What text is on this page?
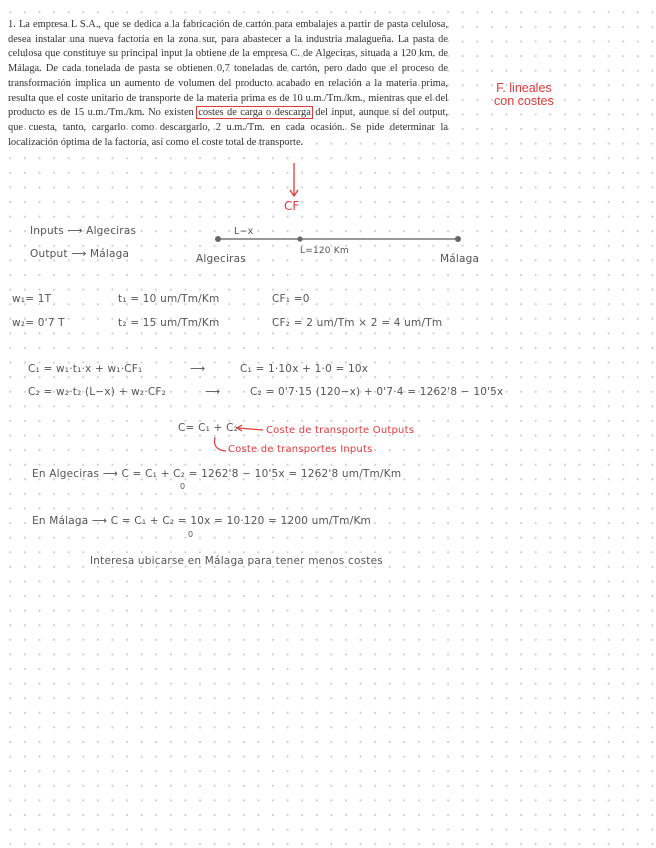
1. La empresa L S.A., que se dedica a la fabricación de cartón para embalajes a partir de pasta celulosa, desea instalar una nueva factoría en la zona sur, para abastecer a la industria malagueña. La pasta de celulosa que constituye su principal input la obtiene de la empresa C. de Algeciras, situada a 120 km. de Málaga. De cada tonelada de pasta se obtienen 0,7 toneladas de cartón, pero dado que el proceso de transformación implica un aumento de volumen del producto acabado en relación a la materia prima, resulta que el coste unitario de transporte de la materia prima es de 10 u.m./Tm./km., mientras que el del producto es de 15 u.m./Tm./km. No existen costes de carga o descarga del input, aunque sí del output, que cuesta, tanto, cargarlo como descargarlo, 2 u.m./Tm. en cada ocasión. Se pide determinar la localización óptima de la factoría, así como el coste total de transporte.

F. lineales
con costes
CF
Inputs ⟶ Algeciras
Output ⟶ Málaga
L−x
L=120 Km
Algeciras	Málaga
w₁= 1T	t₁ = 10 um/Tm/Km	CF₁ =0
w₂= 0'7 T	t₂ = 15 um/Tm/Km	CF₂ = 2 um/Tm × 2 = 4 um/Tm
C₁ = w₁·t₁·x + w₁·CF₁	⟶	C₁ = 1·10x + 1·0 = 10x
C₂ = w₂·t₂ (L−x) + w₂·CF₂	⟶	C₂ = 0'7·15 (120−x) + 0'7·4 = 1262'8 − 10'5x
C= C₁ + C₂	Coste de transporte Outputs
Coste de transportes Inputs
En Algeciras ⟶ C = C₁ + C₂ = 1262'8 − 10'5x = 1262'8 um/Tm/Km
0
En Málaga ⟶ C = C₁ + C₂ = 10x = 10·120 = 1200 um/Tm/Km
0
Interesa ubicarse en Málaga para tener menos costes
